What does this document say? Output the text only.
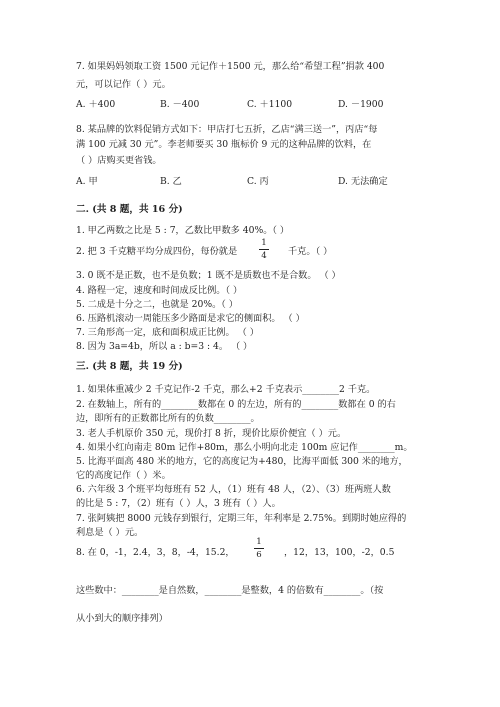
7. 如果妈妈领取工资 1500 元记作＋1500 元，那么给“希望工程”捐款 400
元，可以记作（ ）元。
A. ＋400	B. －400	C. ＋1100	D. －1900
8. 某品牌的饮料促销方式如下：甲店打七五折，乙店“满三送一”，丙店“每
满 100 元减 30 元”。李老师要买 30 瓶标价 9 元的这种品牌的饮料，在
（ ）店购买更省钱。
A. 甲	B. 乙	C. 丙	D. 无法确定
二. (共 8 题，共 16 分)
1. 甲乙两数之比是 5 : 7，乙数比甲数多 40%。（ ）
2. 把 3 千克糖平均分成四份，每份就是
1
4	千克。（ ）
3. 0 既不是正数，也不是负数；1 既不是质数也不是合数。 （ ）
4. 路程一定，速度和时间成反比例。（ ）
5. 二成是十分之二，也就是 20%。（ ）
6. 压路机滚动一周能压多少路面是求它的侧面积。 （ ）
7. 三角形高一定，底和面积成正比例。 （ ）
8. 因为 3a=4b，所以 a : b=3 : 4。 （ ）
三. (共 8 题，共 19 分)
1. 如果体重减少 2 千克记作-2 千克，那么+2 千克表示________2 千克。
2. 在数轴上，所有的________数都在 0 的左边，所有的________数都在 0 的右
边，即所有的正数都比所有的负数________。
3. 老人手机原价 350 元，现价打 8 折，现价比原价便宜（ ）元。
4. 如果小红向南走 80m 记作+80m，那么小明向北走 100m 应记作________m。
5. 比海平面高 480 米的地方，它的高度记为+480，比海平面低 300 米的地方，
它的高度记作（ ）米。
6. 六年级 3 个班平均每班有 52 人，（1）班有 48 人，（2）、（3）班两班人数
的比是 5 : 7，（2）班有（ ）人，3 班有（ ）人。
7. 张阿姨把 8000 元钱存到银行，定期三年，年利率是 2.75%。到期时她应得的
利息是（ ）元。
8. 在 0，-1，2.4，3，8，-4，15.2，
1
6	，12，13，100，-2，0.5
这些数中：________是自然数，________是整数，4 的倍数有________。（按
从小到大的顺序排列）
